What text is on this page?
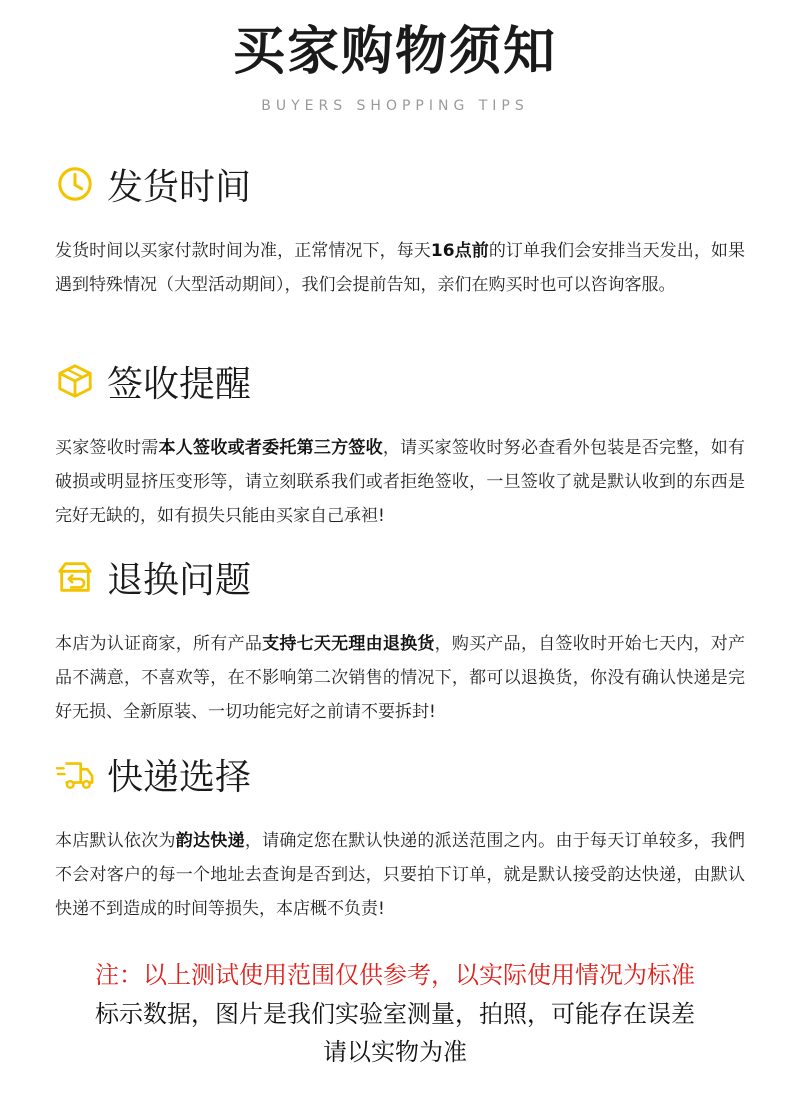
买家购物须知
BUYERS SHOPPING TIPS
发货时间

发货时间以买家付款时间为准，正常情况下，每天16点前的订单我们会安排当天发出，如果遇到特殊情况（大型活动期间），我们会提前告知，亲们在购买时也可以咨询客服。

签收提醒

买家签收时需本人签收或者委托第三方签收，请买家签收时努必查看外包装是否完整，如有破损或明显挤压变形等，请立刻联系我们或者拒绝签收，一旦签收了就是默认收到的东西是完好无缺的，如有损失只能由买家自己承袒!

退换问题

本店为认证商家，所有产品支持七天无理由退换货，购买产品，自签收时开始七天内，对产品不满意，不喜欢等，在不影响第二次销售的情况下，都可以退换货，你没有确认快递是完好无损、全新原装、一切功能完好之前请不要拆封!

快递选择

本店默认依次为韵达快递，请确定您在默认快递的派送范围之内。由于每天订单较多，我們不会对客户的每一个地址去查询是否到达，只要拍下订单，就是默认接受韵达快递，由默认快递不到造成的时间等损失，本店概不负责!

注：以上测试使用范围仅供参考，以实际使用情况为标准
标示数据，图片是我们实验室测量，拍照，可能存在误差
请以实物为准
